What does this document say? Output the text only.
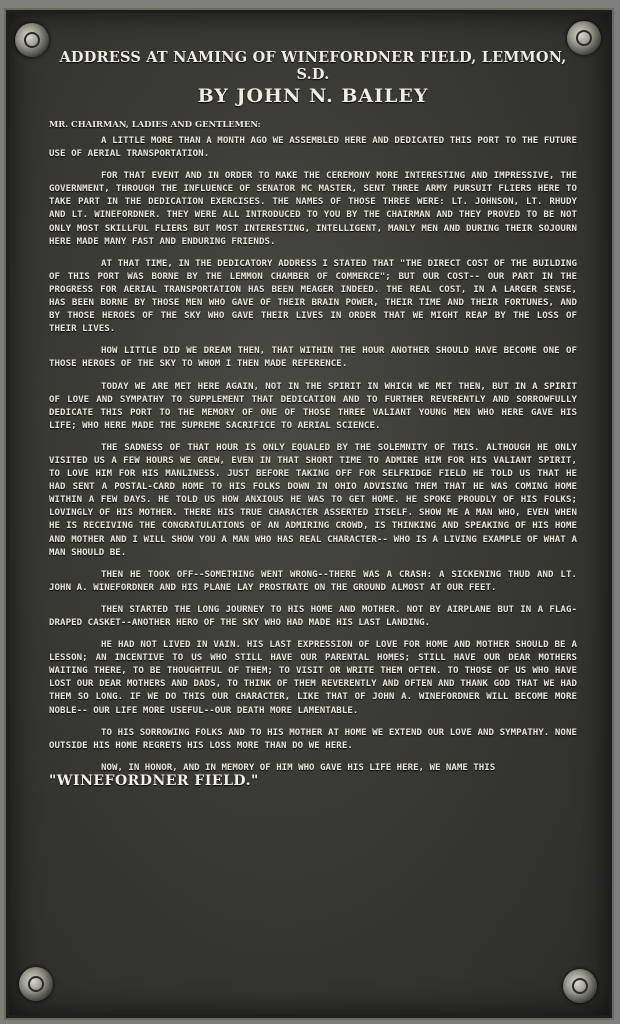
ADDRESS AT NAMING OF WINEFORDNER FIELD, LEMMON, S.D.
BY JOHN N. BAILEY

MR. CHAIRMAN, LADIES AND GENTLEMEN:

A LITTLE MORE THAN A MONTH AGO WE ASSEMBLED HERE AND DEDICATED THIS PORT TO THE FUTURE USE OF AERIAL TRANSPORTATION.

FOR THAT EVENT AND IN ORDER TO MAKE THE CEREMONY MORE INTERESTING AND IMPRESSIVE, THE GOVERNMENT, THROUGH THE INFLUENCE OF SENATOR MC MASTER, SENT THREE ARMY PURSUIT FLIERS HERE TO TAKE PART IN THE DEDICATION EXERCISES. THE NAMES OF THOSE THREE WERE: LT. JOHNSON, LT. RHUDY AND LT. WINEFORDNER. THEY WERE ALL INTRODUCED TO YOU BY THE CHAIRMAN AND THEY PROVED TO BE NOT ONLY MOST SKILLFUL FLIERS BUT MOST INTERESTING, INTELLIGENT, MANLY MEN AND DURING THEIR SOJOURN HERE MADE MANY FAST AND ENDURING FRIENDS.

AT THAT TIME, IN THE DEDICATORY ADDRESS I STATED THAT "THE DIRECT COST OF THE BUILDING OF THIS PORT WAS BORNE BY THE LEMMON CHAMBER OF COMMERCE"; BUT OUR COST-- OUR PART IN THE PROGRESS FOR AERIAL TRANSPORTATION HAS BEEN MEAGER INDEED. THE REAL COST, IN A LARGER SENSE, HAS BEEN BORNE BY THOSE MEN WHO GAVE OF THEIR BRAIN POWER, THEIR TIME AND THEIR FORTUNES, AND BY THOSE HEROES OF THE SKY WHO GAVE THEIR LIVES IN ORDER THAT WE MIGHT REAP BY THE LOSS OF THEIR LIVES.

HOW LITTLE DID WE DREAM THEN, THAT WITHIN THE HOUR ANOTHER SHOULD HAVE BECOME ONE OF THOSE HEROES OF THE SKY TO WHOM I THEN MADE REFERENCE.

TODAY WE ARE MET HERE AGAIN, NOT IN THE SPIRIT IN WHICH WE MET THEN, BUT IN A SPIRIT OF LOVE AND SYMPATHY TO SUPPLEMENT THAT DEDICATION AND TO FURTHER REVERENTLY AND SORROWFULLY DEDICATE THIS PORT TO THE MEMORY OF ONE OF THOSE THREE VALIANT YOUNG MEN WHO HERE GAVE HIS LIFE; WHO HERE MADE THE SUPREME SACRIFICE TO AERIAL SCIENCE.

THE SADNESS OF THAT HOUR IS ONLY EQUALED BY THE SOLEMNITY OF THIS. ALTHOUGH HE ONLY VISITED US A FEW HOURS WE GREW, EVEN IN THAT SHORT TIME TO ADMIRE HIM FOR HIS VALIANT SPIRIT, TO LOVE HIM FOR HIS MANLINESS. JUST BEFORE TAKING OFF FOR SELFRIDGE FIELD HE TOLD US THAT HE HAD SENT A POSTAL-CARD HOME TO HIS FOLKS DOWN IN OHIO ADVISING THEM THAT HE WAS COMING HOME WITHIN A FEW DAYS. HE TOLD US HOW ANXIOUS HE WAS TO GET HOME. HE SPOKE PROUDLY OF HIS FOLKS; LOVINGLY OF HIS MOTHER. THERE HIS TRUE CHARACTER ASSERTED ITSELF. SHOW ME A MAN WHO, EVEN WHEN HE IS RECEIVING THE CONGRATULATIONS OF AN ADMIRING CROWD, IS THINKING AND SPEAKING OF HIS HOME AND MOTHER AND I WILL SHOW YOU A MAN WHO HAS REAL CHARACTER-- WHO IS A LIVING EXAMPLE OF WHAT A MAN SHOULD BE.

THEN HE TOOK OFF--SOMETHING WENT WRONG--THERE WAS A CRASH: A SICKENING THUD AND LT. JOHN A. WINEFORDNER AND HIS PLANE LAY PROSTRATE ON THE GROUND ALMOST AT OUR FEET.

THEN STARTED THE LONG JOURNEY TO HIS HOME AND MOTHER. NOT BY AIRPLANE BUT IN A FLAG-DRAPED CASKET--ANOTHER HERO OF THE SKY WHO HAD MADE HIS LAST LANDING.

HE HAD NOT LIVED IN VAIN. HIS LAST EXPRESSION OF LOVE FOR HOME AND MOTHER SHOULD BE A LESSON; AN INCENTIVE TO US WHO STILL HAVE OUR PARENTAL HOMES; STILL HAVE OUR DEAR MOTHERS WAITING THERE, TO BE THOUGHTFUL OF THEM; TO VISIT OR WRITE THEM OFTEN. TO THOSE OF US WHO HAVE LOST OUR DEAR MOTHERS AND DADS, TO THINK OF THEM REVERENTLY AND OFTEN AND THANK GOD THAT WE HAD THEM SO LONG. IF WE DO THIS OUR CHARACTER, LIKE THAT OF JOHN A. WINEFORDNER WILL BECOME MORE NOBLE-- OUR LIFE MORE USEFUL--OUR DEATH MORE LAMENTABLE.

TO HIS SORROWING FOLKS AND TO HIS MOTHER AT HOME WE EXTEND OUR LOVE AND SYMPATHY. NONE OUTSIDE HIS HOME REGRETS HIS LOSS MORE THAN DO WE HERE.

NOW, IN HONOR, AND IN MEMORY OF HIM WHO GAVE HIS LIFE HERE, WE NAME THIS "WINEFORDNER FIELD."
